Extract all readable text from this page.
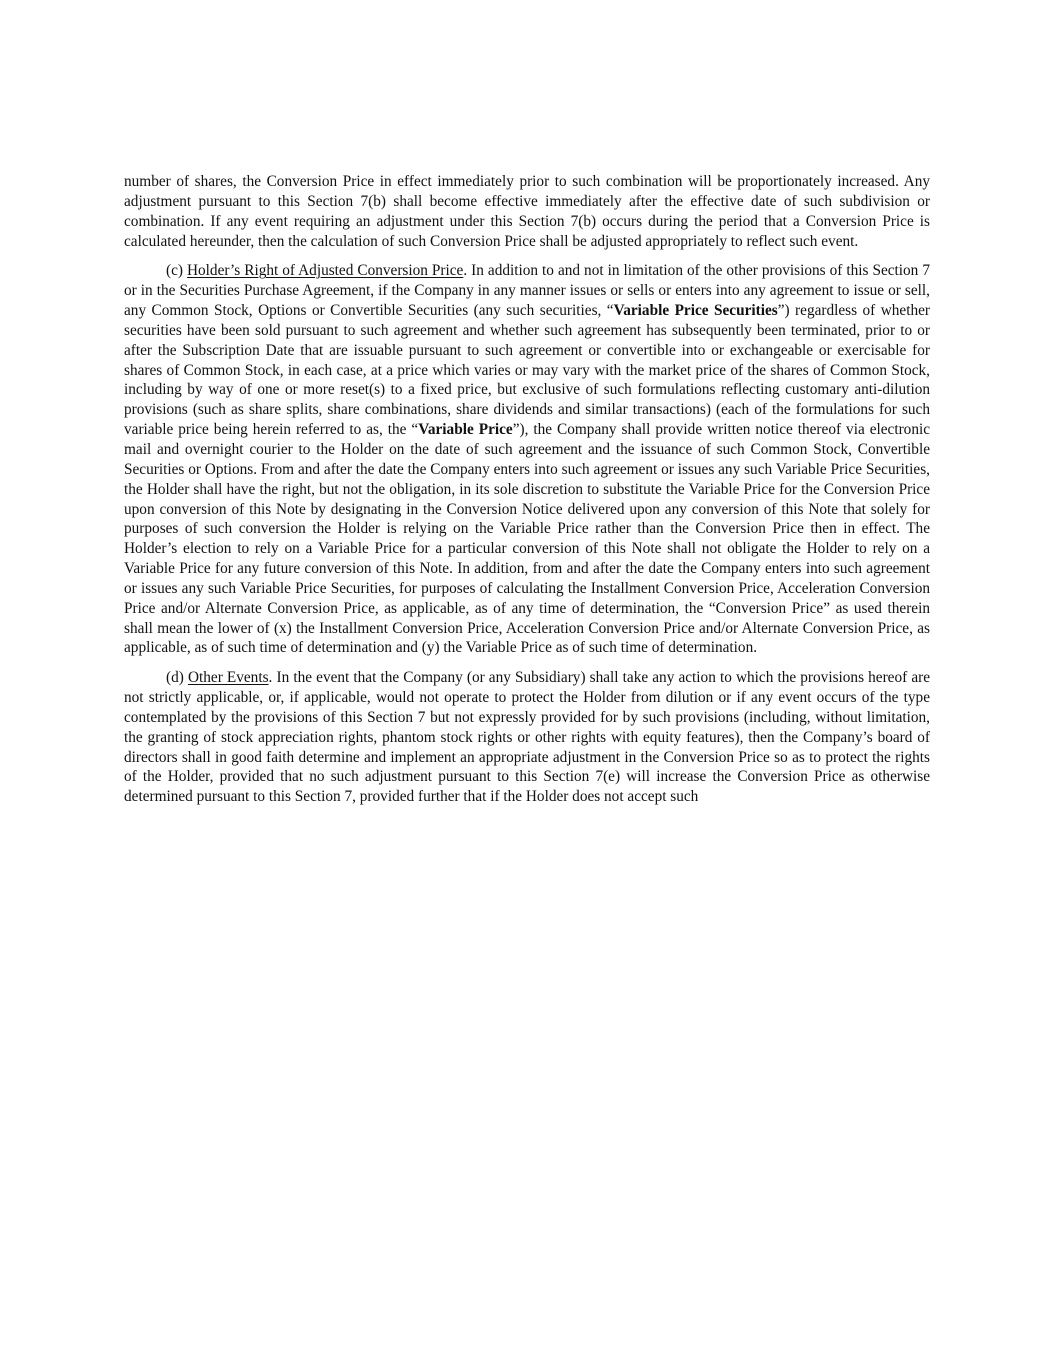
number of shares, the Conversion Price in effect immediately prior to such combination will be proportionately increased. Any adjustment pursuant to this Section 7(b) shall become effective immediately after the effective date of such subdivision or combination. If any event requiring an adjustment under this Section 7(b) occurs during the period that a Conversion Price is calculated hereunder, then the calculation of such Conversion Price shall be adjusted appropriately to reflect such event.

(c) Holder’s Right of Adjusted Conversion Price. In addition to and not in limitation of the other provisions of this Section 7 or in the Securities Purchase Agreement, if the Company in any manner issues or sells or enters into any agreement to issue or sell, any Common Stock, Options or Convertible Securities (any such securities, “Variable Price Securities”) regardless of whether securities have been sold pursuant to such agreement and whether such agreement has subsequently been terminated, prior to or after the Subscription Date that are issuable pursuant to such agreement or convertible into or exchangeable or exercisable for shares of Common Stock, in each case, at a price which varies or may vary with the market price of the shares of Common Stock, including by way of one or more reset(s) to a fixed price, but exclusive of such formulations reflecting customary anti-dilution provisions (such as share splits, share combinations, share dividends and similar transactions) (each of the formulations for such variable price being herein referred to as, the “Variable Price”), the Company shall provide written notice thereof via electronic mail and overnight courier to the Holder on the date of such agreement and the issuance of such Common Stock, Convertible Securities or Options. From and after the date the Company enters into such agreement or issues any such Variable Price Securities, the Holder shall have the right, but not the obligation, in its sole discretion to substitute the Variable Price for the Conversion Price upon conversion of this Note by designating in the Conversion Notice delivered upon any conversion of this Note that solely for purposes of such conversion the Holder is relying on the Variable Price rather than the Conversion Price then in effect. The Holder’s election to rely on a Variable Price for a particular conversion of this Note shall not obligate the Holder to rely on a Variable Price for any future conversion of this Note. In addition, from and after the date the Company enters into such agreement or issues any such Variable Price Securities, for purposes of calculating the Installment Conversion Price, Acceleration Conversion Price and/or Alternate Conversion Price, as applicable, as of any time of determination, the “Conversion Price” as used therein shall mean the lower of (x) the Installment Conversion Price, Acceleration Conversion Price and/or Alternate Conversion Price, as applicable, as of such time of determination and (y) the Variable Price as of such time of determination.

(d) Other Events. In the event that the Company (or any Subsidiary) shall take any action to which the provisions hereof are not strictly applicable, or, if applicable, would not operate to protect the Holder from dilution or if any event occurs of the type contemplated by the provisions of this Section 7 but not expressly provided for by such provisions (including, without limitation, the granting of stock appreciation rights, phantom stock rights or other rights with equity features), then the Company’s board of directors shall in good faith determine and implement an appropriate adjustment in the Conversion Price so as to protect the rights of the Holder, provided that no such adjustment pursuant to this Section 7(e) will increase the Conversion Price as otherwise determined pursuant to this Section 7, provided further that if the Holder does not accept such
